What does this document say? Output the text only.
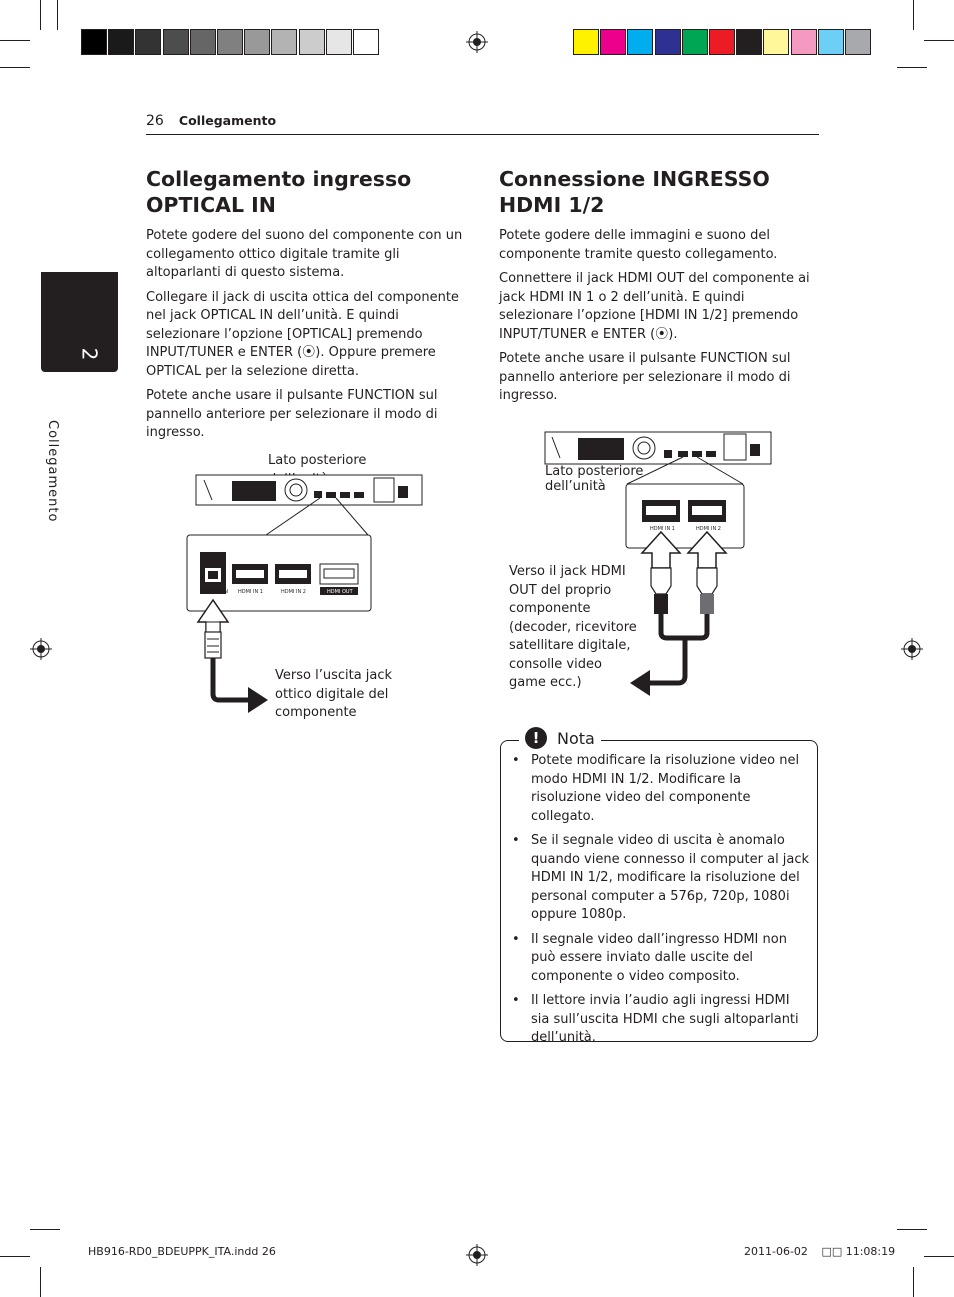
26 Collegamento
2
Collegamento
Collegamento ingresso OPTICAL IN

Potete godere del suono del componente con un collegamento ottico digitale tramite gli altoparlanti di questo sistema.

Collegare il jack di uscita ottica del componente nel jack OPTICAL IN dell’unità. E quindi selezionare l’opzione [OPTICAL] premendo INPUT/TUNER e ENTER (⦿). Oppure premere OPTICAL per la selezione diretta.

Potete anche usare il pulsante FUNCTION sul pannello anteriore per selezionare il modo di ingresso.

Lato posteriore
OPTICAL IN HDMI IN 1	HDMI IN 2	HDMI OUT
Verso l’uscita jack ottico digitale del componente
Connessione INGRESSO HDMI 1/2

Potete godere delle immagini e suono del componente tramite questo collegamento.

Connettere il jack HDMI OUT del componente ai jack HDMI IN 1 o 2 dell’unità. E quindi selezionare l’opzione [HDMI IN 1/2] premendo INPUT/TUNER e ENTER (⦿).

Potete anche usare il pulsante FUNCTION sul pannello anteriore per selezionare il modo di ingresso.

HDMI IN 1	HDMI IN 2
Lato posteriore dell’unità
Verso il jack HDMI OUT del proprio componente (decoder, ricevitore satellitare digitale, consolle video game ecc.)
!	Nota
• Potete modificare la risoluzione video nel modo HDMI IN 1/2. Modificare la risoluzione video del componente collegato.
• Se il segnale video di uscita è anomalo quando viene connesso il computer al jack HDMI IN 1/2, modificare la risoluzione del personal computer a 576p, 720p, 1080i oppure 1080p.
• Il segnale video dall’ingresso HDMI non può essere inviato dalle uscite del componente o video composito.
• Il lettore invia l’audio agli ingressi HDMI sia sull’uscita HDMI che sugli altoparlanti dell’unità.
HB916-RD0_BDEUPPK_ITA.indd 26	2011-06-02 □□ 11:08:19
